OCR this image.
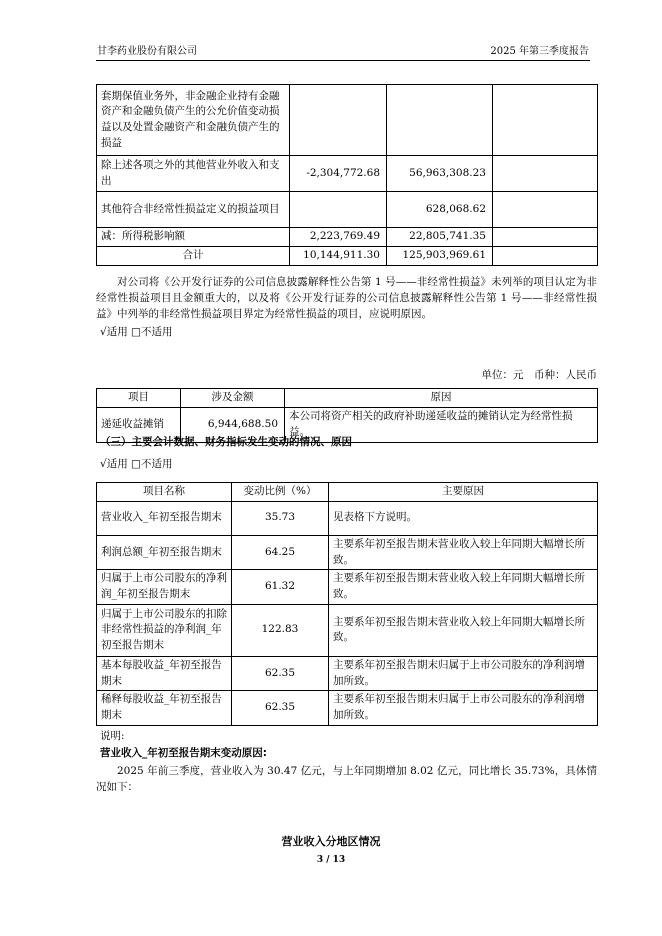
甘李药业股份有限公司	2025 年第三季度报告
套期保值业务外，非金融企业持有金融资产和金融负债产生的公允价值变动损益以及处置金融资产和金融负债产生的损益			
除上述各项之外的其他营业外收入和支出	-2,304,772.68	56,963,308.23	
其他符合非经常性损益定义的损益项目		628,068.62	
减：所得税影响额	2,223,769.49	22,805,741.35	
合计	10,144,911.30	125,903,969.61	
对公司将《公开发行证券的公司信息披露解释性公告第 1 号——非经常性损益》未列举的项目认定为非经常性损益项目且金额重大的，以及将《公开发行证券的公司信息披露解释性公告第 1 号——非经常性损益》中列举的非经常性损益项目界定为经常性损益的项目，应说明原因。
√适用 □不适用
单位：元　币种：人民币
项目	涉及金额	原因
递延收益摊销	6,944,688.50	本公司将资产相关的政府补助递延收益的摊销认定为经常性损益。
（三）主要会计数据、财务指标发生变动的情况、原因
√适用 □不适用
项目名称	变动比例（%）	主要原因
营业收入_年初至报告期末	35.73	见表格下方说明。
利润总额_年初至报告期末	64.25	主要系年初至报告期末营业收入较上年同期大幅增长所致。
归属于上市公司股东的净利润_年初至报告期末	61.32	主要系年初至报告期末营业收入较上年同期大幅增长所致。
归属于上市公司股东的扣除非经常性损益的净利润_年初至报告期末	122.83	主要系年初至报告期末营业收入较上年同期大幅增长所致。
基本每股收益_年初至报告期末	62.35	主要系年初至报告期末归属于上市公司股东的净利润增加所致。
稀释每股收益_年初至报告期末	62.35	主要系年初至报告期末归属于上市公司股东的净利润增加所致。
说明:
营业收入_年初至报告期末变动原因:
2025 年前三季度，营业收入为 30.47 亿元，与上年同期增加 8.02 亿元，同比增长 35.73%，具体情况如下：
营业收入分地区情况
3 / 13
